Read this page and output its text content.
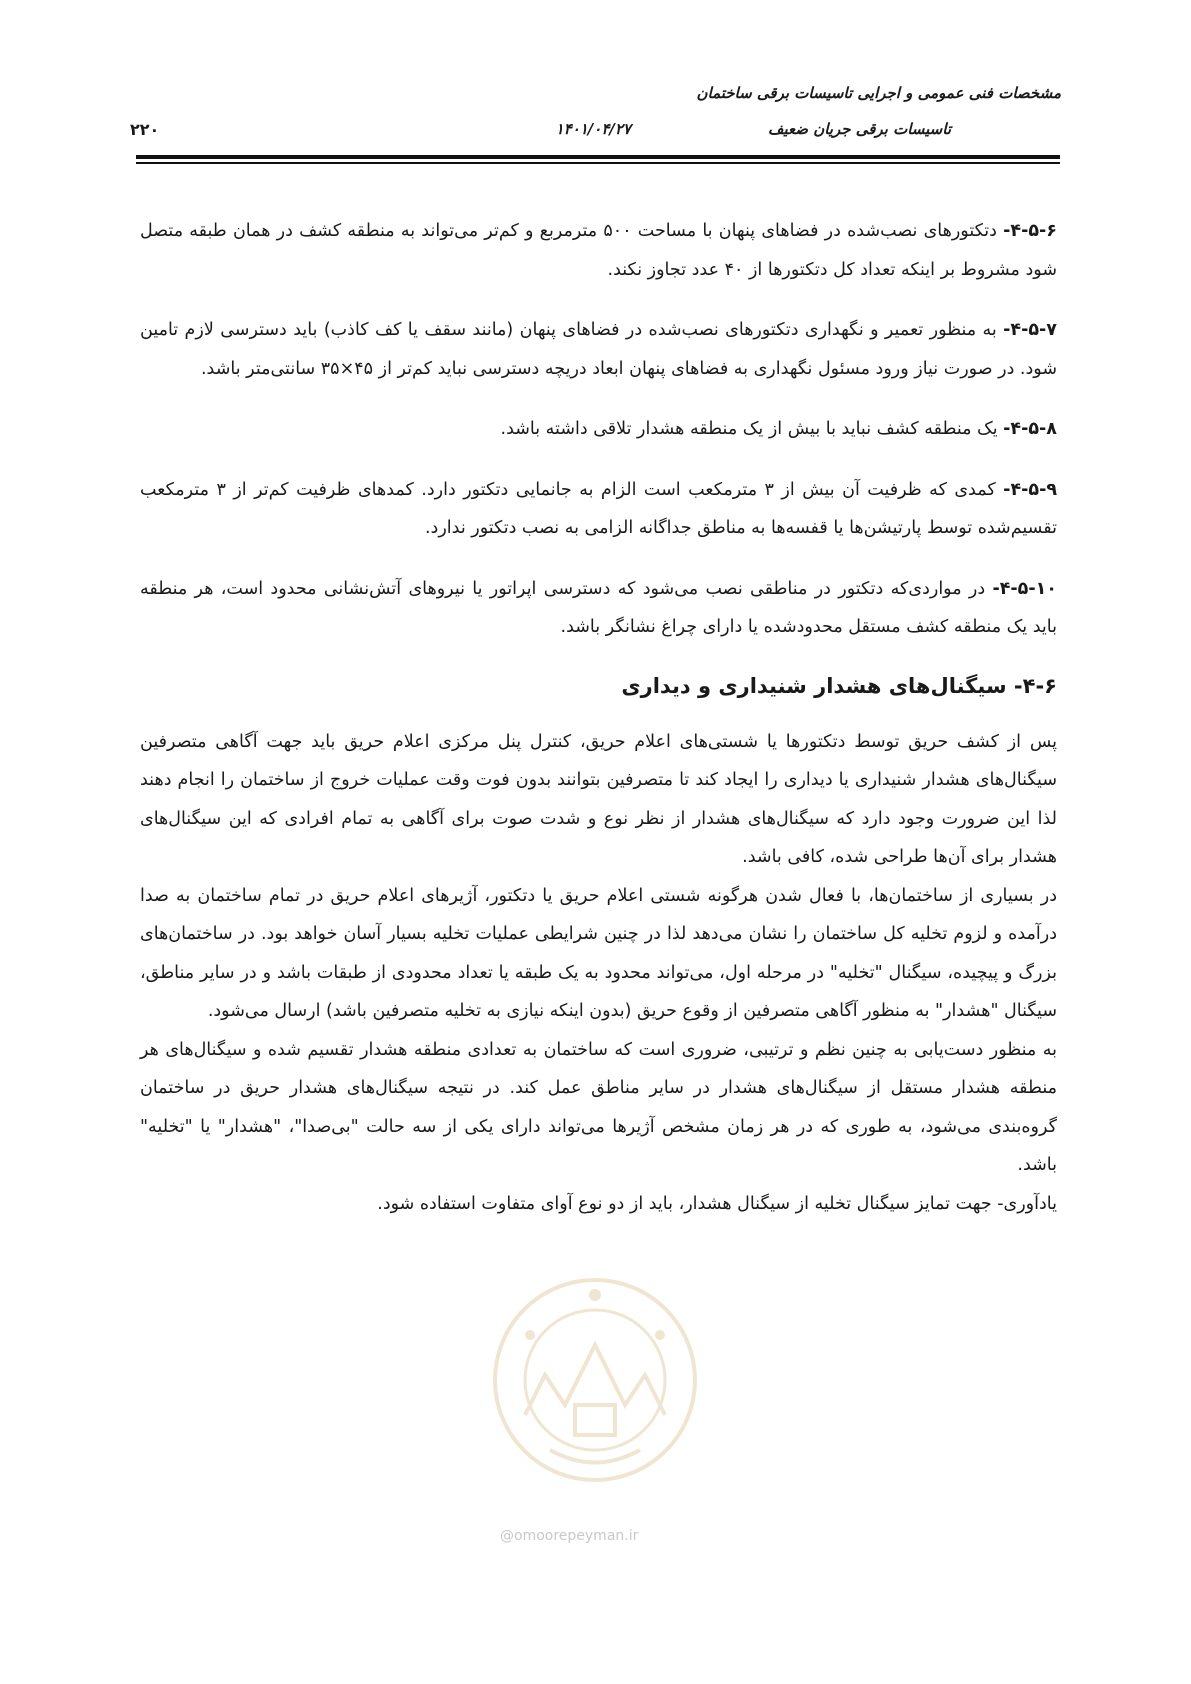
مشخصات فنی عمومی و اجرایی تاسیسات برقی ساختمان
تاسیسات برقی جریان ضعیف
۱۴۰۱/۰۴/۲۷
۲۲۰

۴-۵-۶- دتکتورهای نصب‌شده در فضاهای پنهان با مساحت ۵۰۰ مترمربع و کم‌تر می‌تواند به منطقه کشف در همان طبقه متصل شود مشروط بر اینکه تعداد کل دتکتورها از ۴۰ عدد تجاوز نکند.

۴-۵-۷- به منظور تعمیر و نگهداری دتکتورهای نصب‌شده در فضاهای پنهان (مانند سقف یا کف کاذب) باید دسترسی لازم تامین شود. در صورت نیاز ورود مسئول نگهداری به فضاهای پنهان ابعاد دریچه دسترسی نباید کم‌تر از ۴۵×۳۵ سانتی‌متر باشد.

۴-۵-۸- یک منطقه کشف نباید با بیش از یک منطقه هشدار تلاقی داشته باشد.

۴-۵-۹- کمدی که ظرفیت آن بیش از ۳ مترمکعب است الزام به جانمایی دتکتور دارد. کمدهای ظرفیت کم‌تر از ۳ مترمکعب تقسیم‌شده توسط پارتیشن‌ها یا قفسه‌ها به مناطق جداگانه الزامی به نصب دتکتور ندارد.

۴-۵-۱۰- در مواردی‌که دتکتور در مناطقی نصب می‌شود که دسترسی اپراتور یا نیروهای آتش‌نشانی محدود است، هر منطقه باید یک منطقه کشف مستقل محدودشده یا دارای چراغ نشانگر باشد.

۴-۶- سیگنال‌های هشدار شنیداری و دیداری

پس از کشف حریق توسط دتکتورها یا شستی‌های اعلام حریق، کنترل پنل مرکزی اعلام حریق باید جهت آگاهی متصرفین سیگنال‌های هشدار شنیداری یا دیداری را ایجاد کند تا متصرفین بتوانند بدون فوت وقت عملیات خروج از ساختمان را انجام دهند لذا این ضرورت وجود دارد که سیگنال‌های هشدار از نظر نوع و شدت صوت برای آگاهی به تمام افرادی که این سیگنال‌های هشدار برای آن‌ها طراحی شده، کافی باشد.

در بسیاری از ساختمان‌ها، با فعال شدن هرگونه شستی اعلام حریق یا دتکتور، آژیرهای اعلام حریق در تمام ساختمان به صدا درآمده و لزوم تخلیه کل ساختمان را نشان می‌دهد لذا در چنین شرایطی عملیات تخلیه بسیار آسان خواهد بود. در ساختمان‌های بزرگ و پیچیده، سیگنال "تخلیه" در مرحله اول، می‌تواند محدود به یک طبقه یا تعداد محدودی از طبقات باشد و در سایر مناطق، سیگنال "هشدار" به منظور آگاهی متصرفین از وقوع حریق (بدون اینکه نیازی به تخلیه متصرفین باشد) ارسال می‌شود.

به منظور دست‌یابی به چنین نظم و ترتیبی، ضروری است که ساختمان به تعدادی منطقه هشدار تقسیم شده و سیگنال‌های هر منطقه هشدار مستقل از سیگنال‌های هشدار در سایر مناطق عمل کند. در نتیجه سیگنال‌های هشدار حریق در ساختمان گروه‌بندی می‌شود، به طوری که در هر زمان مشخص آژیرها می‌تواند دارای یکی از سه حالت "بی‌صدا"، "هشدار" یا "تخلیه" باشد.

یادآوری- جهت تمایز سیگنال تخلیه از سیگنال هشدار، باید از دو نوع آوای متفاوت استفاده شود.

@omoorepeyman.ir
